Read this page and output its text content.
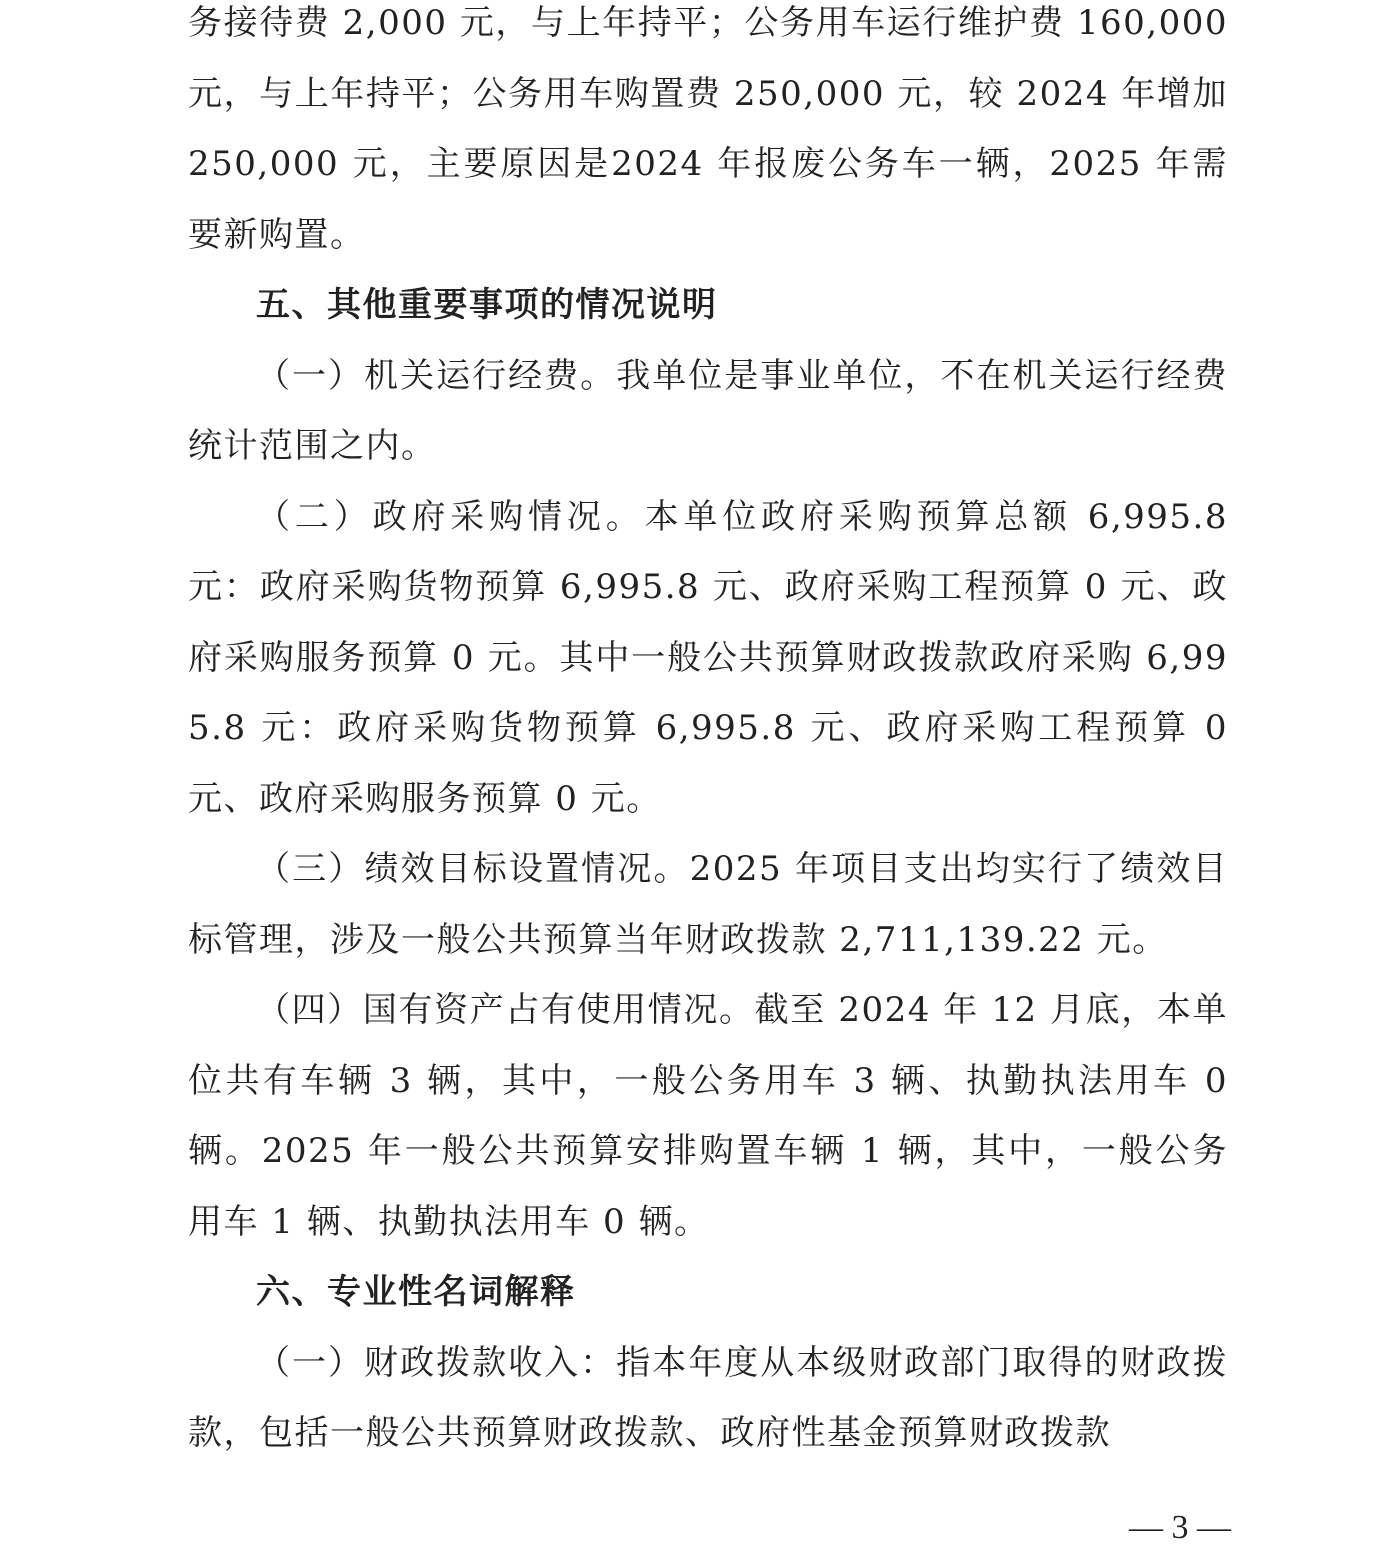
务接待费 2,000 元，与上年持平；公务用车运行维护费 160,000 元，与上年持平；公务用车购置费 250,000 元，较 2024 年增加 250,000 元，主要原因是2024 年报废公务车一辆，2025 年需要新购置。

五、其他重要事项的情况说明

（一）机关运行经费。我单位是事业单位，不在机关运行经费统计范围之内。

（二）政府采购情况。本单位政府采购预算总额 6,995.8 元：政府采购货物预算 6,995.8 元、政府采购工程预算 0 元、政府采购服务预算 0 元。其中一般公共预算财政拨款政府采购 6,995.8 元：政府采购货物预算 6,995.8 元、政府采购工程预算 0 元、政府采购服务预算 0 元。

（三）绩效目标设置情况。2025 年项目支出均实行了绩效目标管理，涉及一般公共预算当年财政拨款 2,711,139.22 元。

（四）国有资产占有使用情况。截至 2024 年 12 月底，本单位共有车辆 3 辆，其中，一般公务用车 3 辆、执勤执法用车 0 辆。2025 年一般公共预算安排购置车辆 1 辆，其中，一般公务用车 1 辆、执勤执法用车 0 辆。

六、专业性名词解释

（一）财政拨款收入：指本年度从本级财政部门取得的财政拨款，包括一般公共预算财政拨款、政府性基金预算财政拨款

— 3 —
